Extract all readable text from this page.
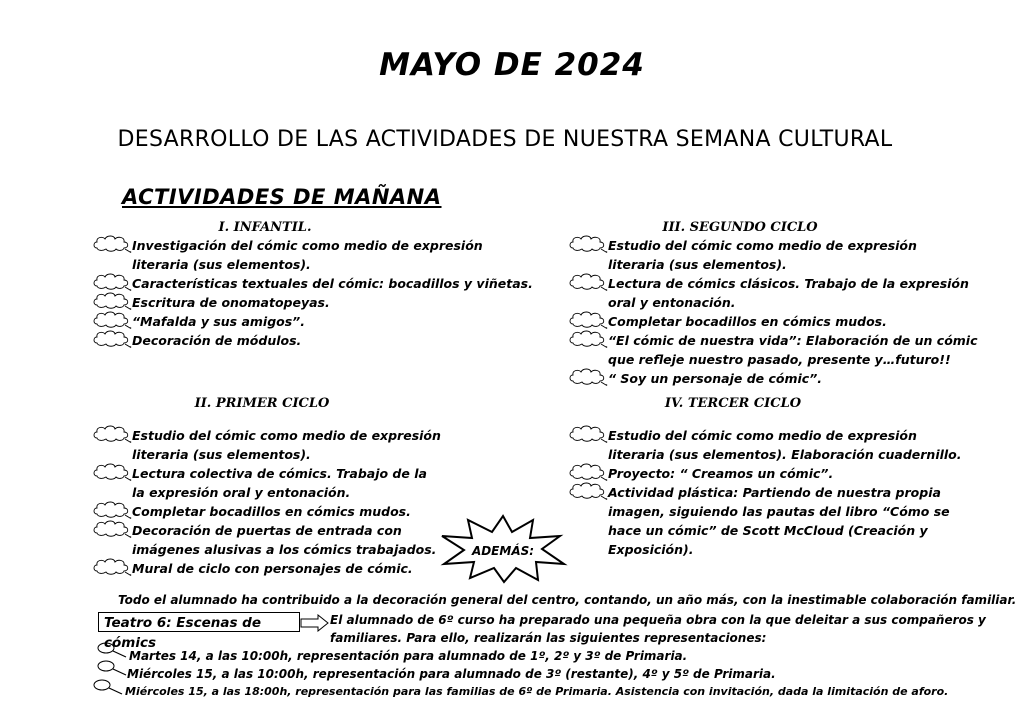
MAYO DE 2024
DESARROLLO DE LAS ACTIVIDADES DE NUESTRA SEMANA CULTURAL
ACTIVIDADES DE MAÑANA
I. INFANTIL.
Investigación del cómic como medio de expresión
literaria (sus elementos).
Características textuales del cómic: bocadillos y viñetas.
Escritura de onomatopeyas.
“Mafalda y sus amigos”.
Decoración de módulos.
II. PRIMER CICLO
Estudio del cómic como medio de expresión
literaria (sus elementos).
Lectura colectiva de cómics. Trabajo de la
la expresión oral y entonación.
Completar bocadillos en cómics mudos.
Decoración de puertas de entrada con
imágenes alusivas a los cómics trabajados.
Mural de ciclo con personajes de cómic.
III. SEGUNDO CICLO
Estudio del cómic como medio de expresión
literaria (sus elementos).
Lectura de cómics clásicos. Trabajo de la expresión
oral y entonación.
Completar bocadillos en cómics mudos.
“El cómic de nuestra vida”: Elaboración de un cómic
que refleje nuestro pasado, presente y…futuro!!
“ Soy un personaje de cómic”.
IV. TERCER CICLO
Estudio del cómic como medio de expresión
literaria (sus elementos). Elaboración cuadernillo.
Proyecto: “ Creamos un cómic”.
Actividad plástica: Partiendo de nuestra propia
imagen, siguiendo las pautas del libro “Cómo se
hace un cómic” de Scott McCloud (Creación y
Exposición).
ADEMÁS:
Todo el alumnado ha contribuido a la decoración general del centro, contando, un año más, con la inestimable colaboración familiar.
Teatro 6: Escenas de cómics
El alumnado de 6º curso ha preparado una pequeña obra con la que deleitar a sus compañeros y
familiares. Para ello, realizarán las siguientes representaciones:
Martes 14, a las 10:00h, representación para alumnado de 1º, 2º y 3º de Primaria.
Miércoles 15, a las 10:00h, representación para alumnado de 3º (restante), 4º y 5º de Primaria.
Miércoles 15, a las 18:00h, representación para las familias de 6º de Primaria. Asistencia con invitación, dada la limitación de aforo.
